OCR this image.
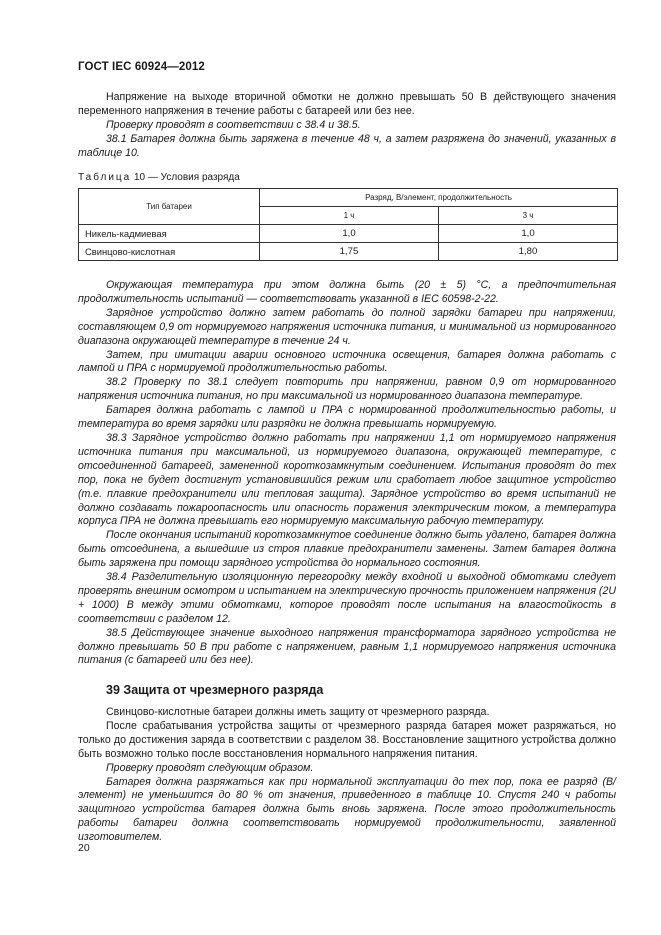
ГОСТ IEC 60924—2012

Напряжение на выходе вторичной обмотки не должно превышать 50 В действующего значения переменного напряжения в течение работы с батареей или без нее.

Проверку проводят в соответствии с 38.4 и 38.5.

38.1 Батарея должна быть заряжена в течение 48 ч, а затем разряжена до значений, указанных в таблице 10.

Таблица 10 — Условия разряда
Тип батареи	Разряд, В/элемент, продолжительность	
	1 ч	3 ч
Никель-кадмиевая	1,0	1,0
Свинцово-кислотная	1,75	1,80

Окружающая температура при этом должна быть (20 ± 5) °С, а предпочтительная продолжительность испытаний — соответствовать указанной в IEC 60598-2-22.

Зарядное устройство должно затем работать до полной зарядки батареи при напряжении, составляющем 0,9 от нормируемого напряжения источника питания, и минимальной из нормированного диапазона окружающей температуре в течение 24 ч.

Затем, при имитации аварии основного источника освещения, батарея должна работать с лампой и ПРА с нормируемой продолжительностью работы.

38.2 Проверку по 38.1 следует повторить при напряжении, равном 0,9 от нормированного напряжения источника питания, но при максимальной из нормированного диапазона температуре.

Батарея должна работать с лампой и ПРА с нормированной продолжительностью работы, и температура во время зарядки или разрядки не должна превышать нормируемую.

38.3 Зарядное устройство должно работать при напряжении 1,1 от нормируемого напряжения источника питания при максимальной, из нормируемого диапазона, окружающей температуре, с отсоединенной батареей, замененной короткозамкнутым соединением. Испытания проводят до тех пор, пока не будет достигнут установившийся режим или сработает любое защитное устройство (т.е. плавкие предохранители или тепловая защита). Зарядное устройство во время испытаний не должно создавать пожароопасность или опасность поражения электрическим током, а температура корпуса ПРА не должна превышать его нормируемую максимальную рабочую температуру.

После окончания испытаний короткозамкнутое соединение должно быть удалено, батарея должна быть отсоединена, а вышедшие из строя плавкие предохранители заменены. Затем батарея должна быть заряжена при помощи зарядного устройства до нормального состояния.

38.4 Разделительную изоляционную перегородку между входной и выходной обмотками следует проверять внешним осмотром и испытанием на электрическую прочность приложением напряжения (2U + 1000) В между этими обмотками, которое проводят после испытания на влагостойкость в соответствии с разделом 12.

38.5 Действующее значение выходного напряжения трансформатора зарядного устройства не должно превышать 50 В при работе с напряжением, равным 1,1 нормируемого напряжения источника питания (с батареей или без нее).

39 Защита от чрезмерного разряда

Свинцово-кислотные батареи должны иметь защиту от чрезмерного разряда.

После срабатывания устройства защиты от чрезмерного разряда батарея может разряжаться, но только до достижения заряда в соответствии с разделом 38. Восстановление защитного устройства должно быть возможно только после восстановления нормального напряжения питания.

Проверку проводят следующим образом.

Батарея должна разряжаться как при нормальной эксплуатации до тех пор, пока ее разряд (В/элемент) не уменьшится до 80 % от значения, приведенного в таблице 10. Спустя 240 ч работы защитного устройства батарея должна быть вновь заряжена. После этого продолжительность работы батареи должна соответствовать нормируемой продолжительности, заявленной изготовителем.

20
